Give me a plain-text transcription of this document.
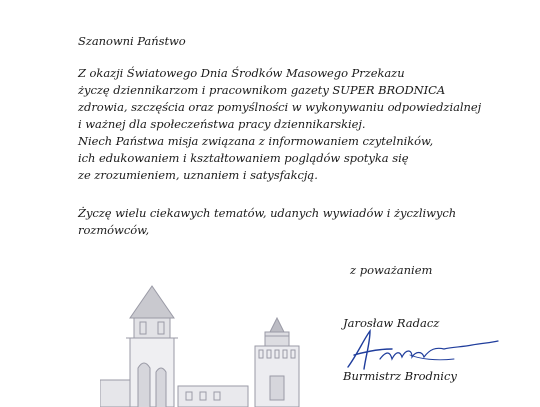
Szanowni Państwo
Z okazji Światowego Dnia Środków Masowego Przekazu
życzę dziennikarzom i pracownikom gazety SUPER BRODNICA
zdrowia, szczęścia oraz pomyślności w wykonywaniu odpowiedzialnej
i ważnej dla społeczeństwa pracy dziennikarskiej.
Niech Państwa misja związana z informowaniem czytelników,
ich edukowaniem i kształtowaniem poglądów spotyka się
ze zrozumieniem, uznaniem i satysfakcją.
Życzę wielu ciekawych tematów, udanych wywiadów i życzliwych
rozmówców,
z poważaniem
Jarosław Radacz
Burmistrz Brodnicy
